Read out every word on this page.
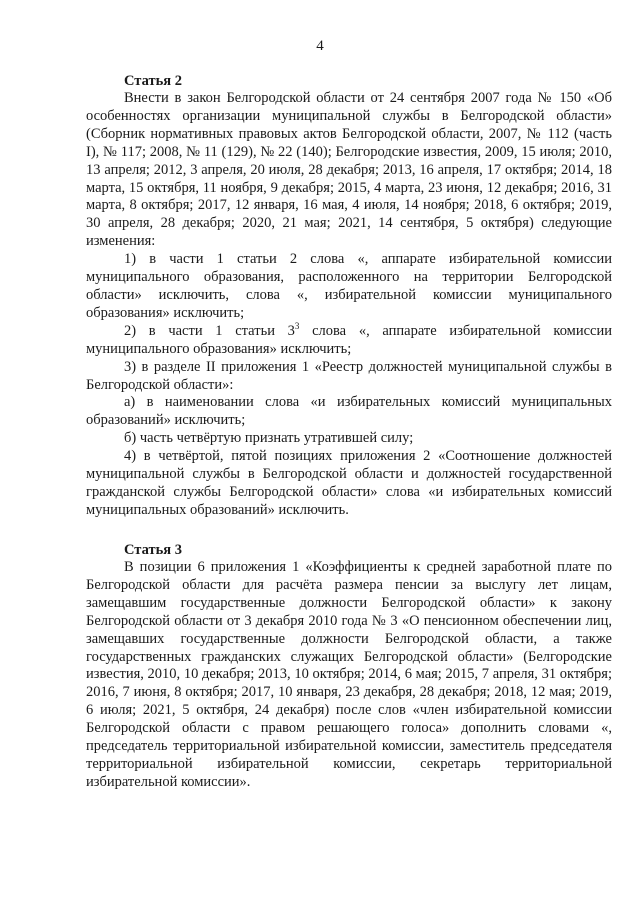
4
Статья 2

Внести в закон Белгородской области от 24 сентября 2007 года № 150 «Об особенностях организации муниципальной службы в Белгородской области» (Сборник нормативных правовых актов Белгородской области, 2007, № 112 (часть I), № 117; 2008, № 11 (129), № 22 (140); Белгородские известия, 2009, 15 июля; 2010, 13 апреля; 2012, 3 апреля, 20 июля, 28 декабря; 2013, 16 апреля, 17 октября; 2014, 18 марта, 15 октября, 11 ноября, 9 декабря; 2015, 4 марта, 23 июня, 12 декабря; 2016, 31 марта, 8 октября; 2017, 12 января, 16 мая, 4 июля, 14 ноября; 2018, 6 октября; 2019, 30 апреля, 28 декабря; 2020, 21 мая; 2021, 14 сентября, 5 октября) следующие изменения:

1) в части 1 статьи 2 слова «, аппарате избирательной комиссии муниципального образования, расположенного на территории Белгородской области» исключить, слова «, избирательной комиссии муниципального образования» исключить;

2) в части 1 статьи $3^3$ слова «, аппарате избирательной комиссии муниципального образования» исключить;

3) в разделе II приложения 1 «Реестр должностей муниципальной службы в Белгородской области»:

а) в наименовании слова «и избирательных комиссий муниципальных образований» исключить;

б) часть четвёртую признать утратившей силу;

4) в четвёртой, пятой позициях приложения 2 «Соотношение должностей муниципальной службы в Белгородской области и должностей государственной гражданской службы Белгородской области» слова «и избирательных комиссий муниципальных образований» исключить.

Статья 3

В позиции 6 приложения 1 «Коэффициенты к средней заработной плате по Белгородской области для расчёта размера пенсии за выслугу лет лицам, замещавшим государственные должности Белгородской области» к закону Белгородской области от 3 декабря 2010 года № 3 «О пенсионном обеспечении лиц, замещавших государственные должности Белгородской области, а также государственных гражданских служащих Белгородской области» (Белгородские известия, 2010, 10 декабря; 2013, 10 октября; 2014, 6 мая; 2015, 7 апреля, 31 октября; 2016, 7 июня, 8 октября; 2017, 10 января, 23 декабря, 28 декабря; 2018, 12 мая; 2019, 6 июля; 2021, 5 октября, 24 декабря) после слов «член избирательной комиссии Белгородской области с правом решающего голоса» дополнить словами «, председатель территориальной избирательной комиссии, заместитель председателя территориальной избирательной комиссии, секретарь территориальной избирательной комиссии».
